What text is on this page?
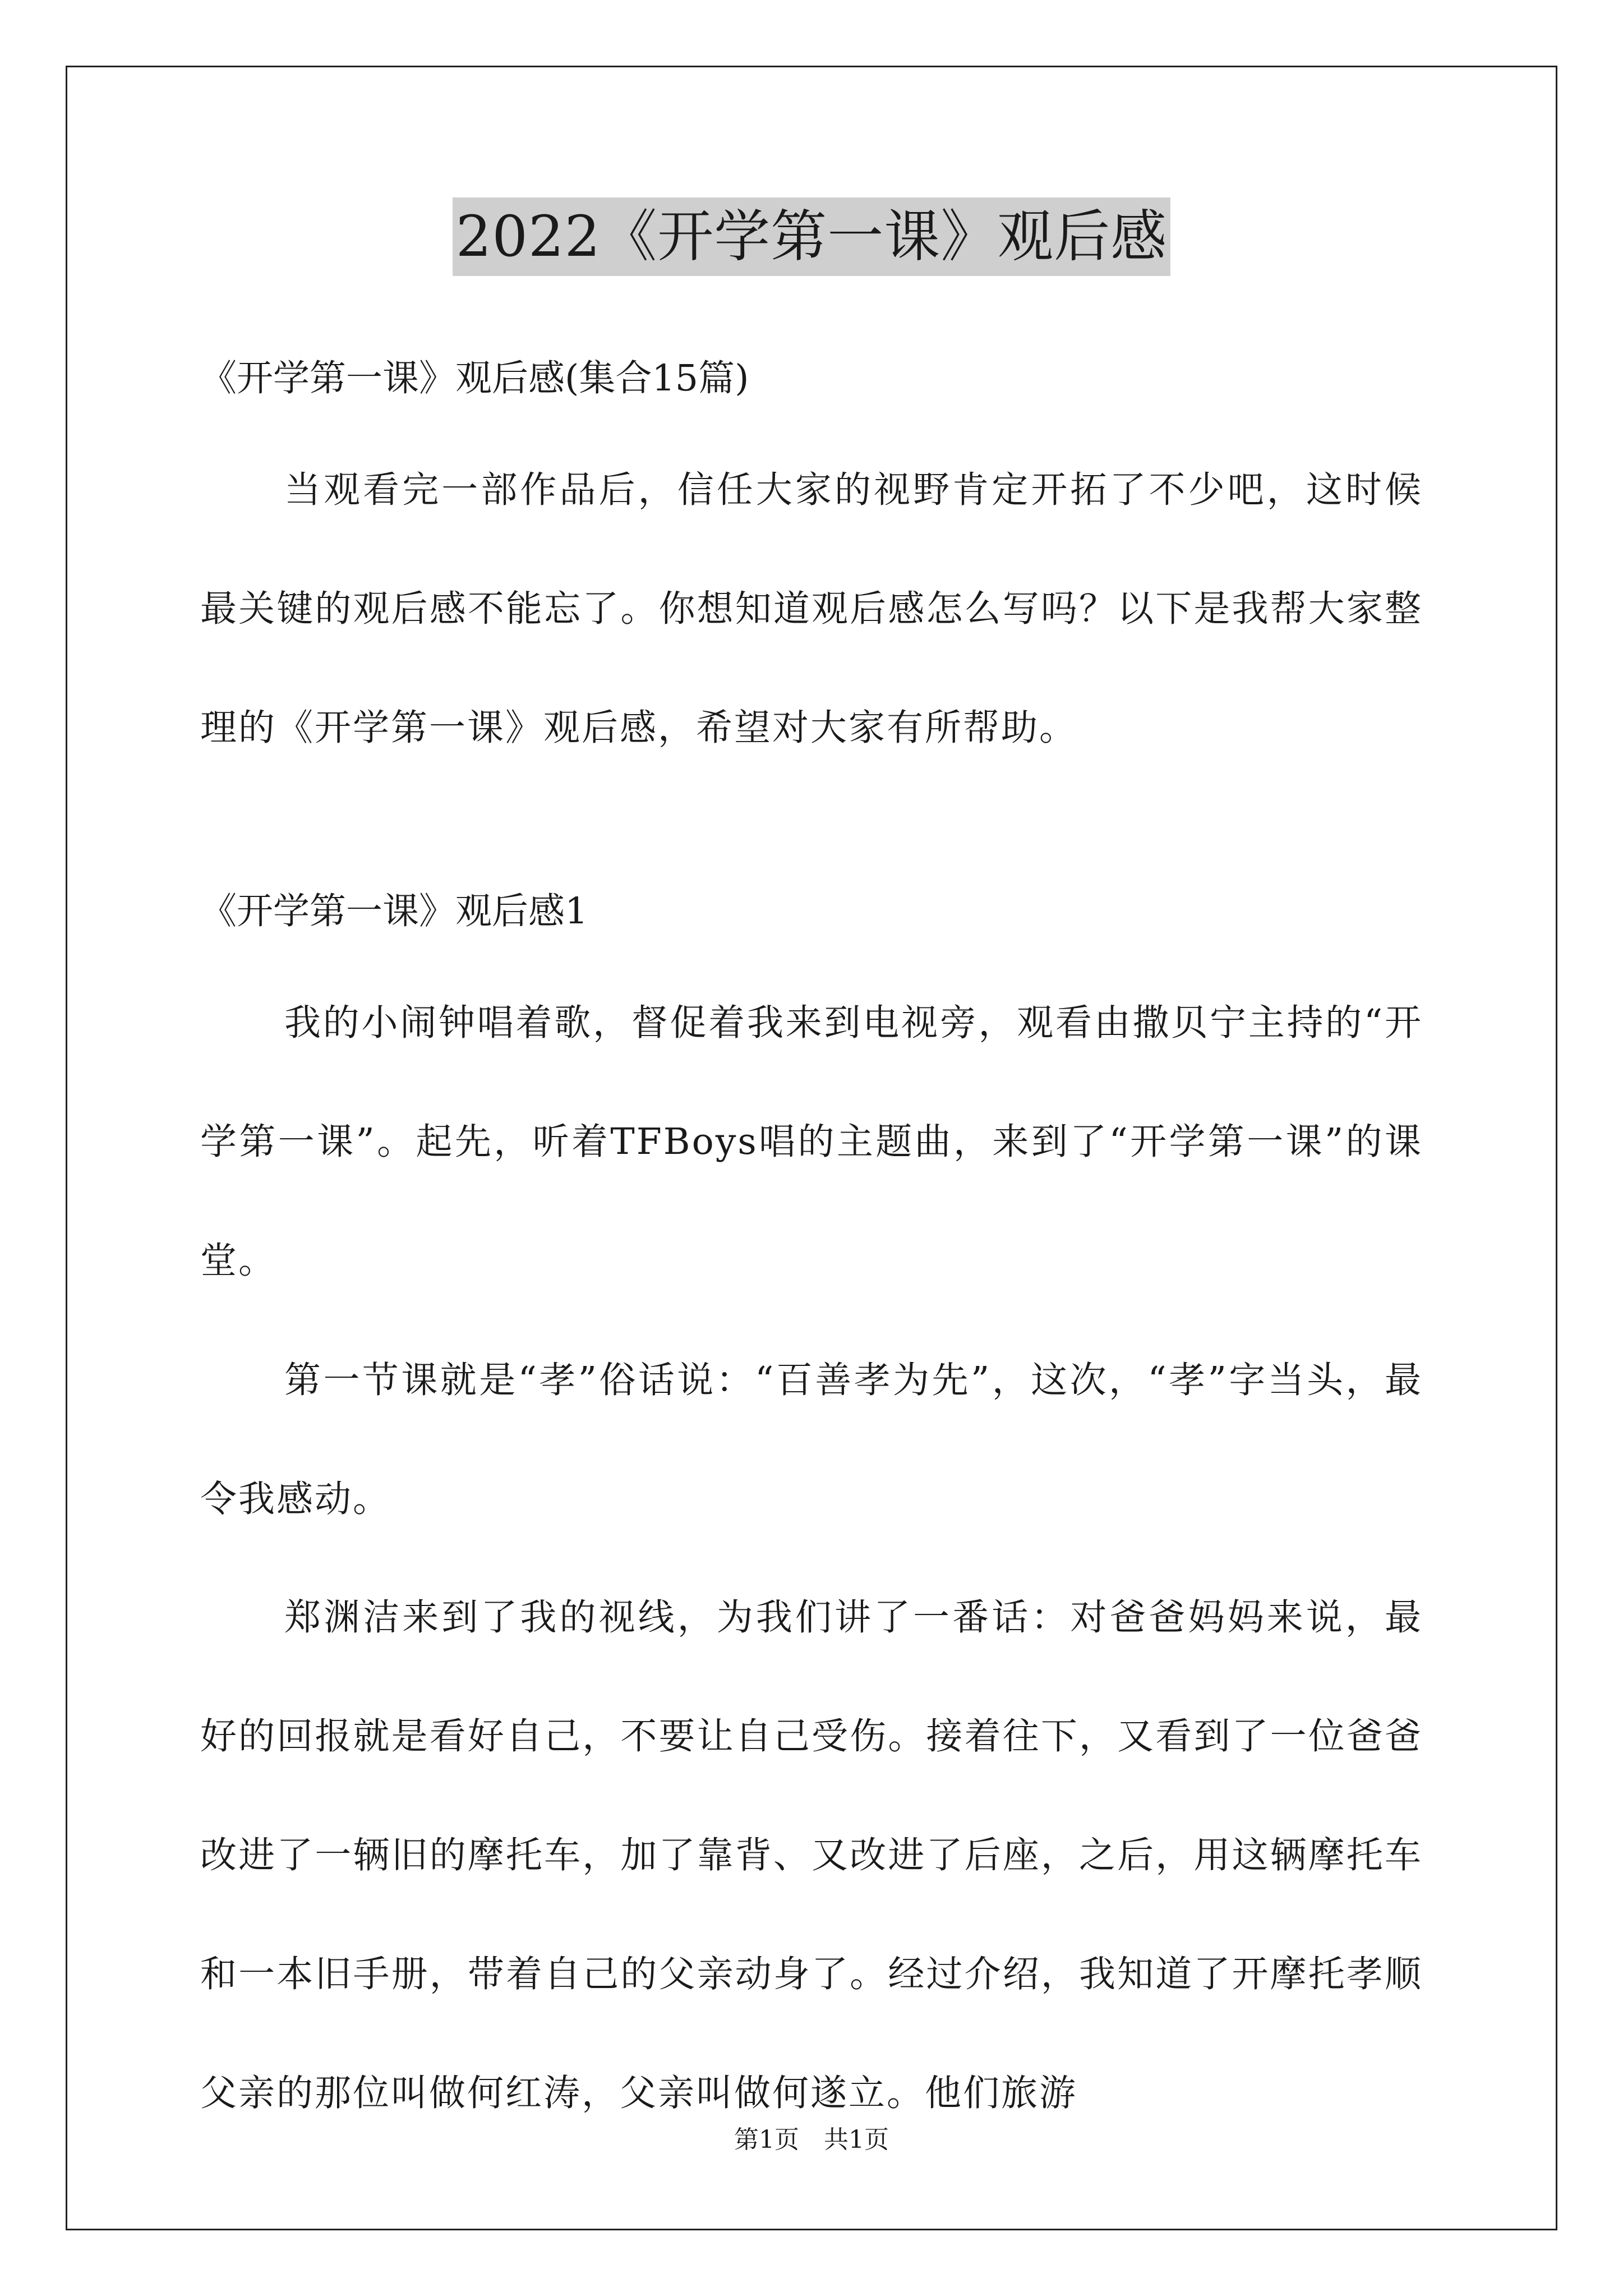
2022《开学第一课》观后感
《开学第一课》观后感(集合15篇)
当观看完一部作品后，信任大家的视野肯定开拓了不少吧，这时候最关键的观后感不能忘了。你想知道观后感怎么写吗？以下是我帮大家整理的《开学第一课》观后感，希望对大家有所帮助。
《开学第一课》观后感1
我的小闹钟唱着歌，督促着我来到电视旁，观看由撒贝宁主持的“开学第一课”。起先，听着TFBoys唱的主题曲，来到了“开学第一课”的课堂。
第一节课就是“孝”俗话说：“百善孝为先”，这次，“孝”字当头，最令我感动。
郑渊洁来到了我的视线，为我们讲了一番话：对爸爸妈妈来说，最好的回报就是看好自己，不要让自己受伤。接着往下，又看到了一位爸爸改进了一辆旧的摩托车，加了靠背、又改进了后座，之后，用这辆摩托车和一本旧手册，带着自己的父亲动身了。经过介绍，我知道了开摩托孝顺父亲的那位叫做何红涛，父亲叫做何遂立。他们旅游
第1页　共1页
